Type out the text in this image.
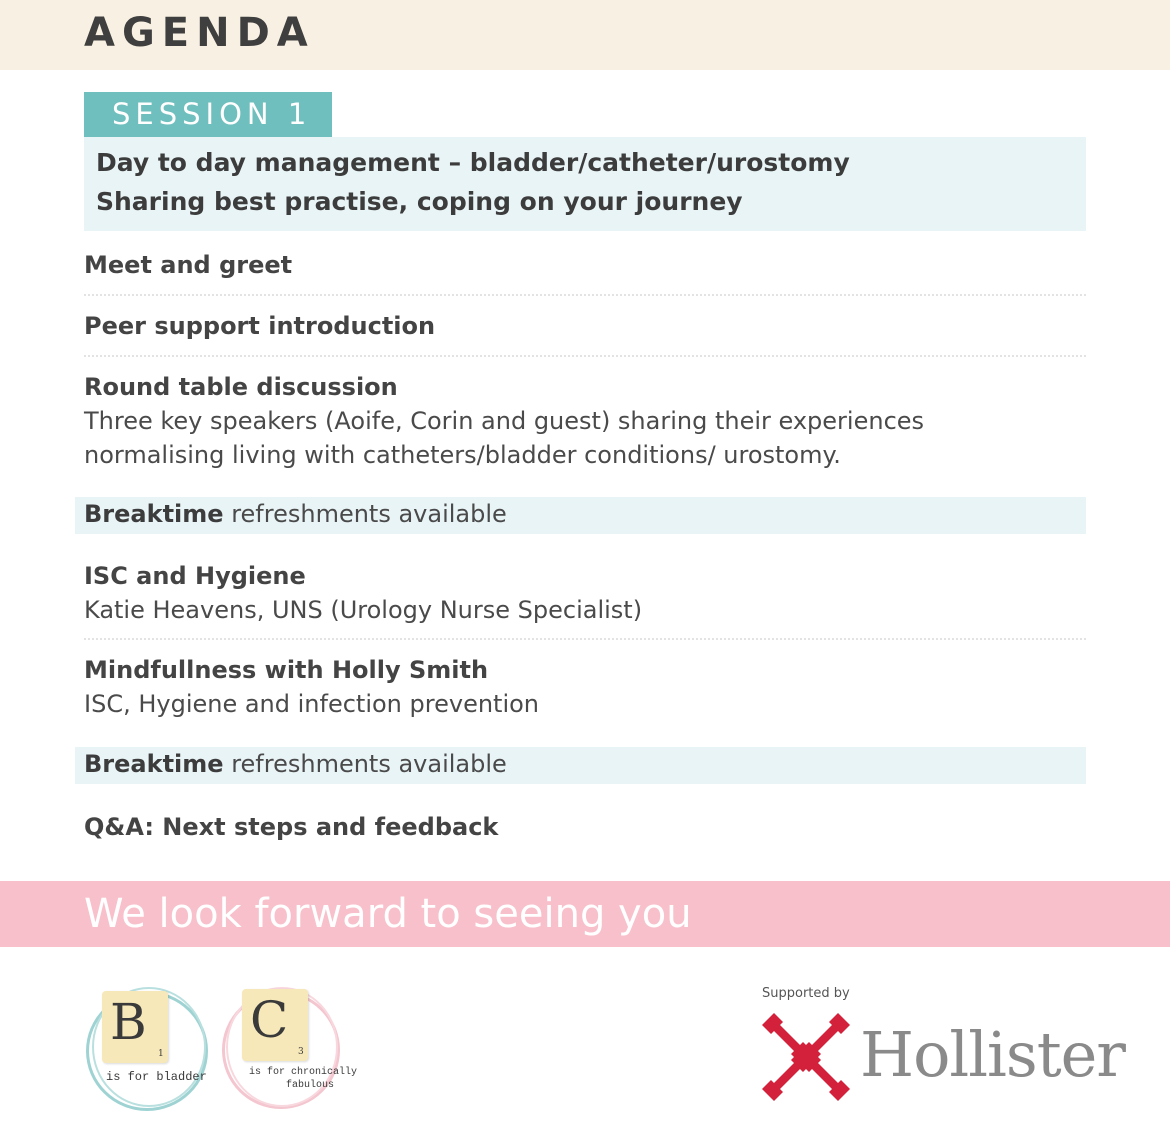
AGENDA
SESSION 1
Day to day management – bladder/catheter/urostomy
Sharing best practise, coping on your journey
Meet and greet
Peer support introduction
Round table discussion
Three key speakers (Aoife, Corin and guest) sharing their experiences
normalising living with catheters/bladder conditions/ urostomy.
Breaktime refreshments available
ISC and Hygiene
Katie Heavens, UNS (Urology Nurse Specialist)
Mindfullness with Holly Smith
ISC, Hygiene and infection prevention
Breaktime refreshments available
Q&A: Next steps and feedback
We look forward to seeing you
B
1
is for bladder
C
3
is for chronically
fabulous
Supported by
Hollister
